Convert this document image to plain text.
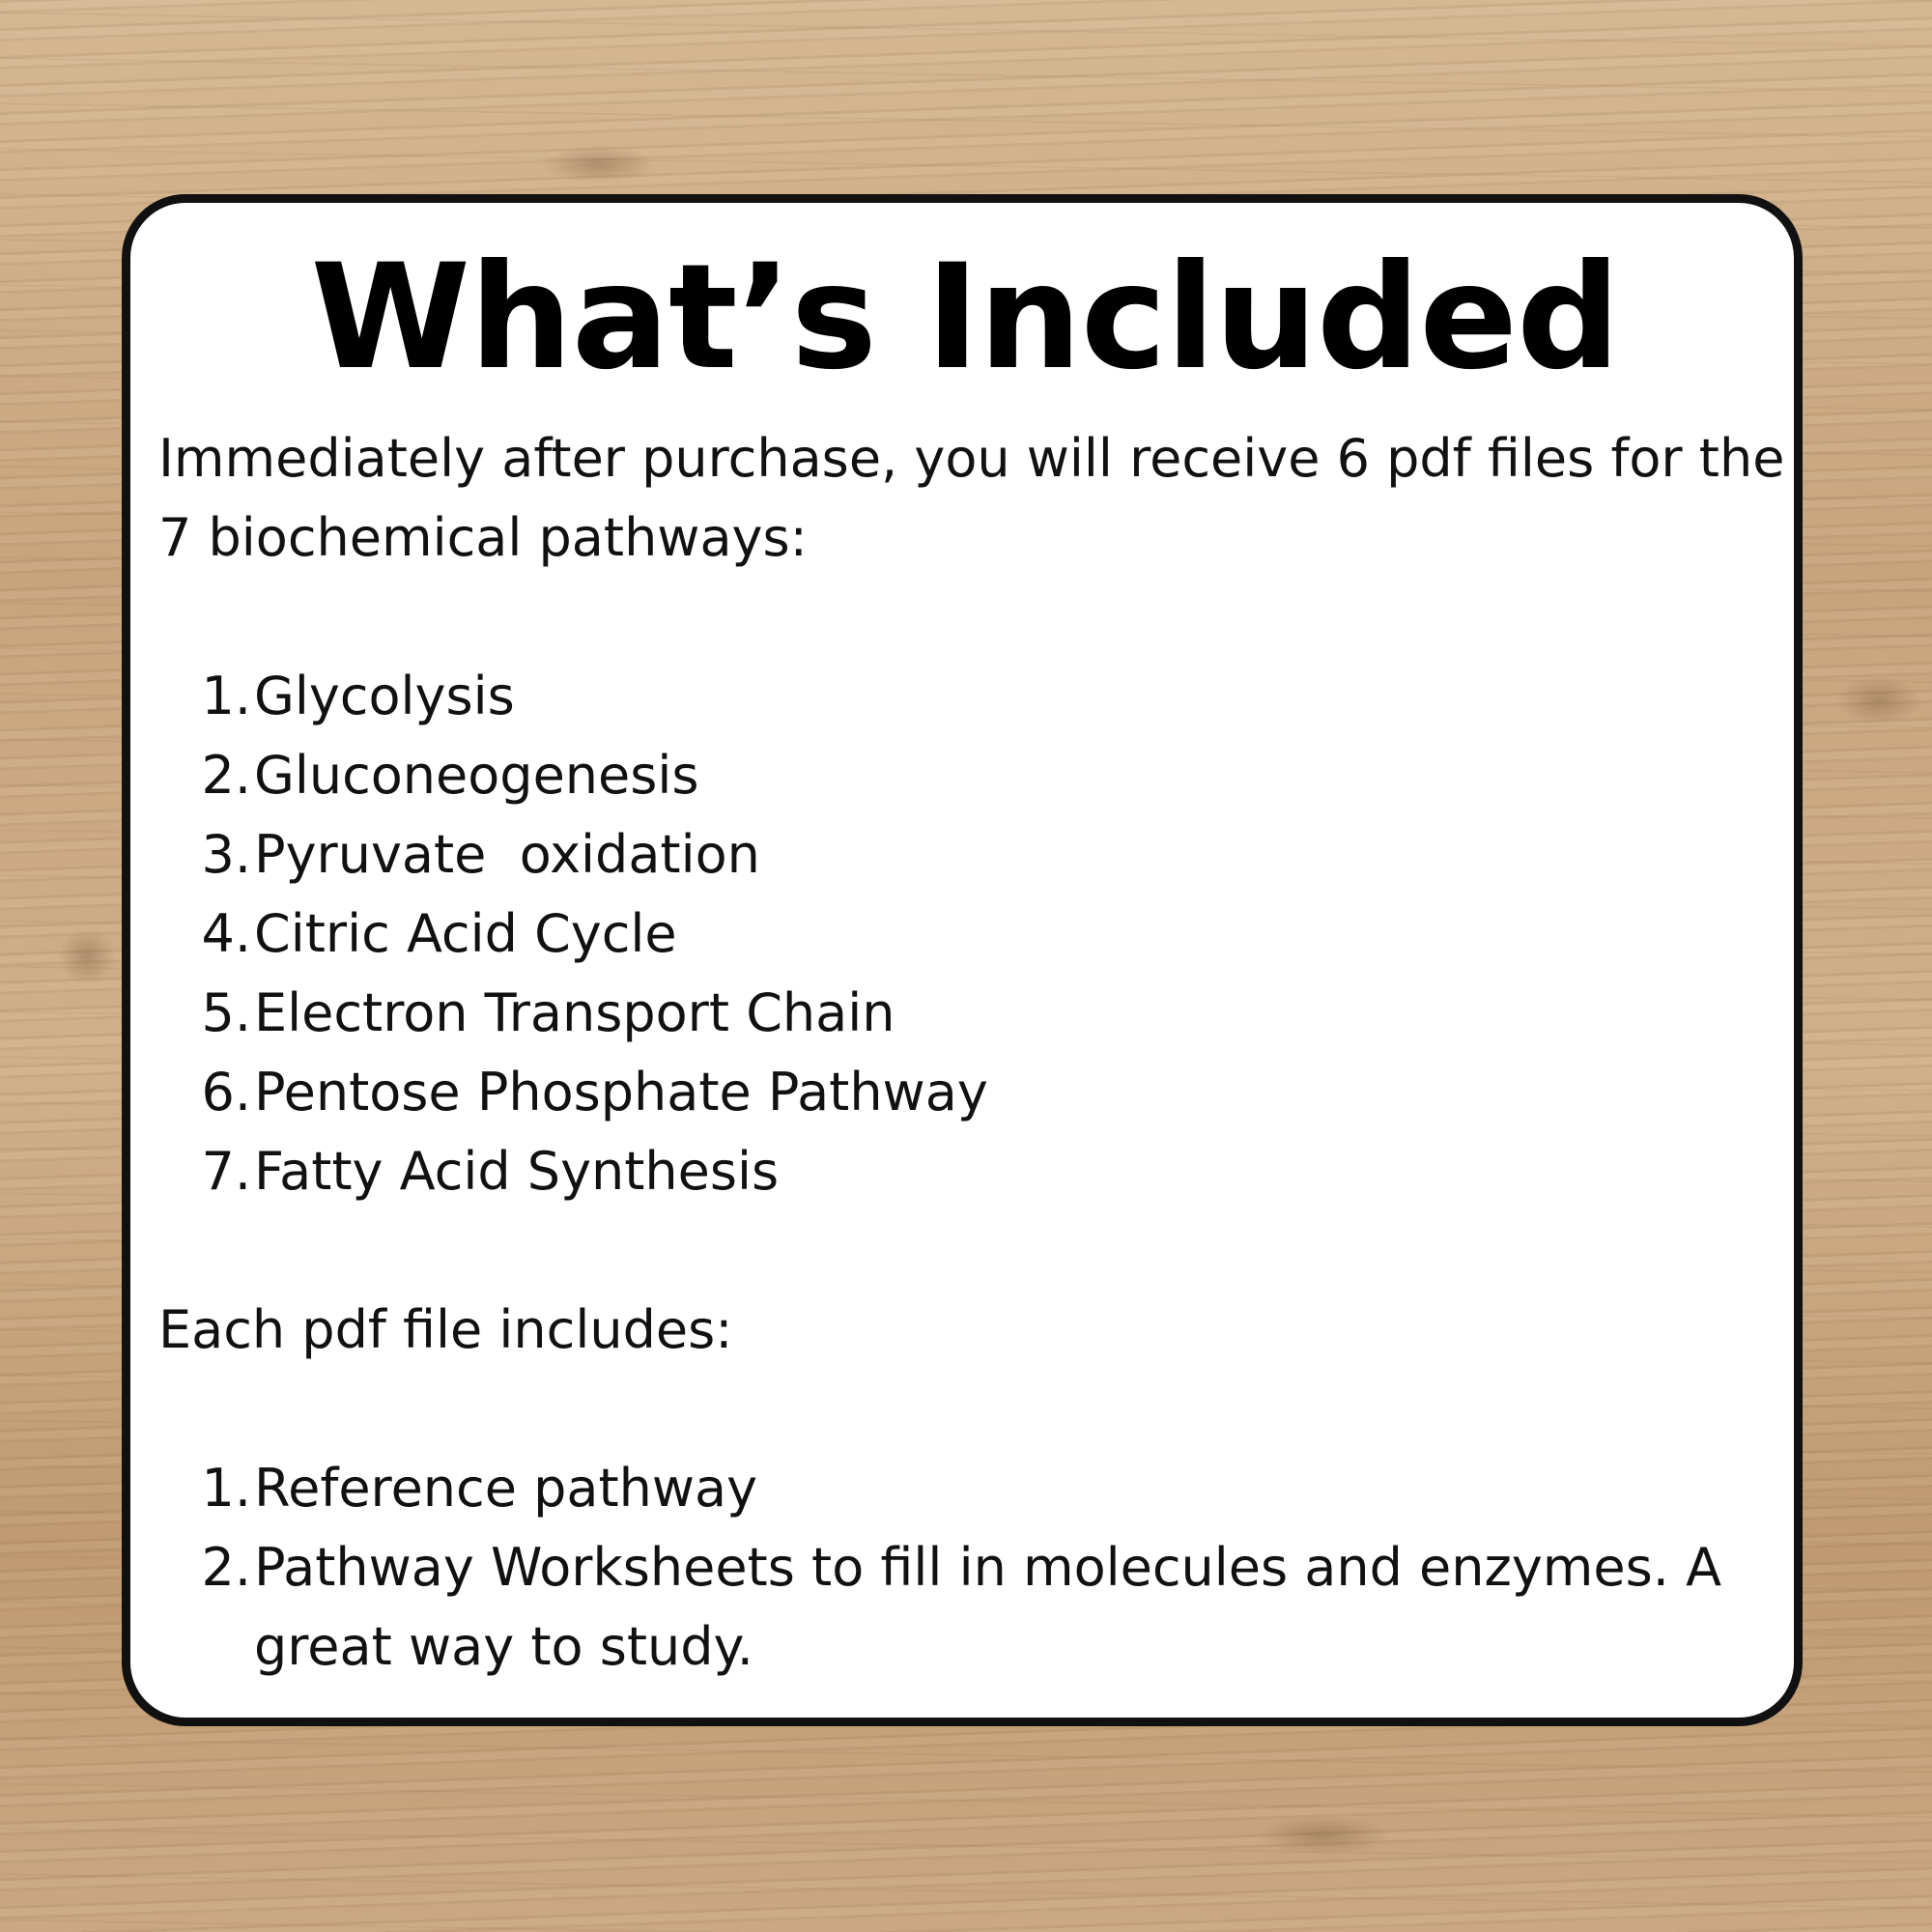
What’s Included

Immediately after purchase, you will receive 6 pdf files for the 7 biochemical pathways:

1. Glycolysis
2. Gluconeogenesis
3. Pyruvate  oxidation
4. Citric Acid Cycle
5. Electron Transport Chain
6. Pentose Phosphate Pathway
7. Fatty Acid Synthesis

Each pdf file includes:

1. Reference pathway
2. Pathway Worksheets to fill in molecules and enzymes. A great way to study.
